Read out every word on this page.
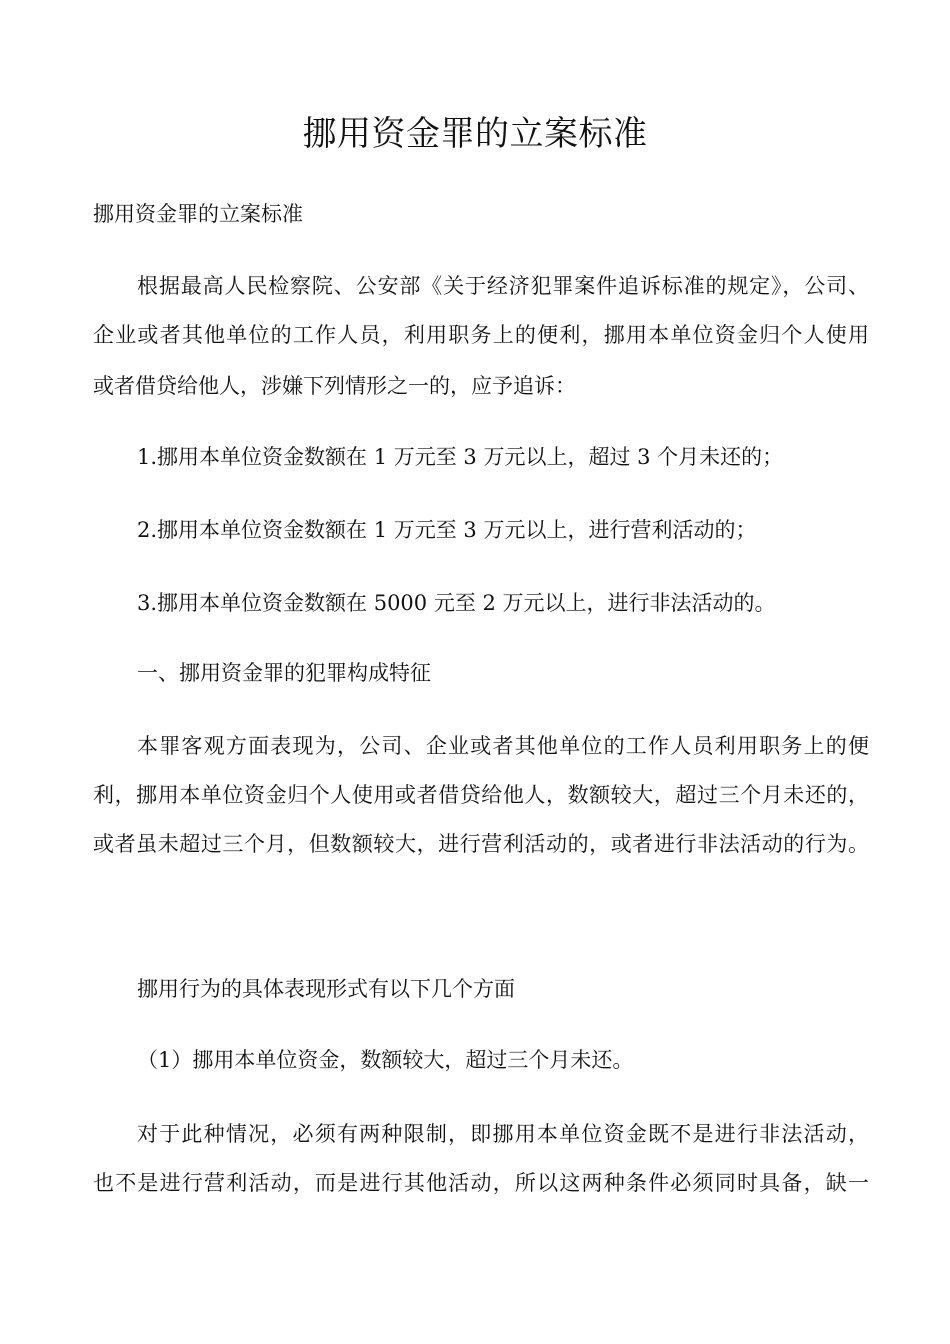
挪用资金罪的立案标准
挪用资金罪的立案标准
根据最高人民检察院、公安部《关于经济犯罪案件追诉标准的规定》，公司、
企业或者其他单位的工作人员，利用职务上的便利，挪用本单位资金归个人使用
或者借贷给他人，涉嫌下列情形之一的，应予追诉：
1.挪用本单位资金数额在 1 万元至 3 万元以上，超过 3 个月未还的；
2.挪用本单位资金数额在 1 万元至 3 万元以上，进行营利活动的；
3.挪用本单位资金数额在 5000 元至 2 万元以上，进行非法活动的。
一、挪用资金罪的犯罪构成特征
本罪客观方面表现为，公司、企业或者其他单位的工作人员利用职务上的便
利，挪用本单位资金归个人使用或者借贷给他人，数额较大，超过三个月未还的，
或者虽未超过三个月，但数额较大，进行营利活动的，或者进行非法活动的行为。
挪用行为的具体表现形式有以下几个方面
（1）挪用本单位资金，数额较大，超过三个月未还。
对于此种情况，必须有两种限制，即挪用本单位资金既不是进行非法活动，
也不是进行营利活动，而是进行其他活动，所以这两种条件必须同时具备，缺一
